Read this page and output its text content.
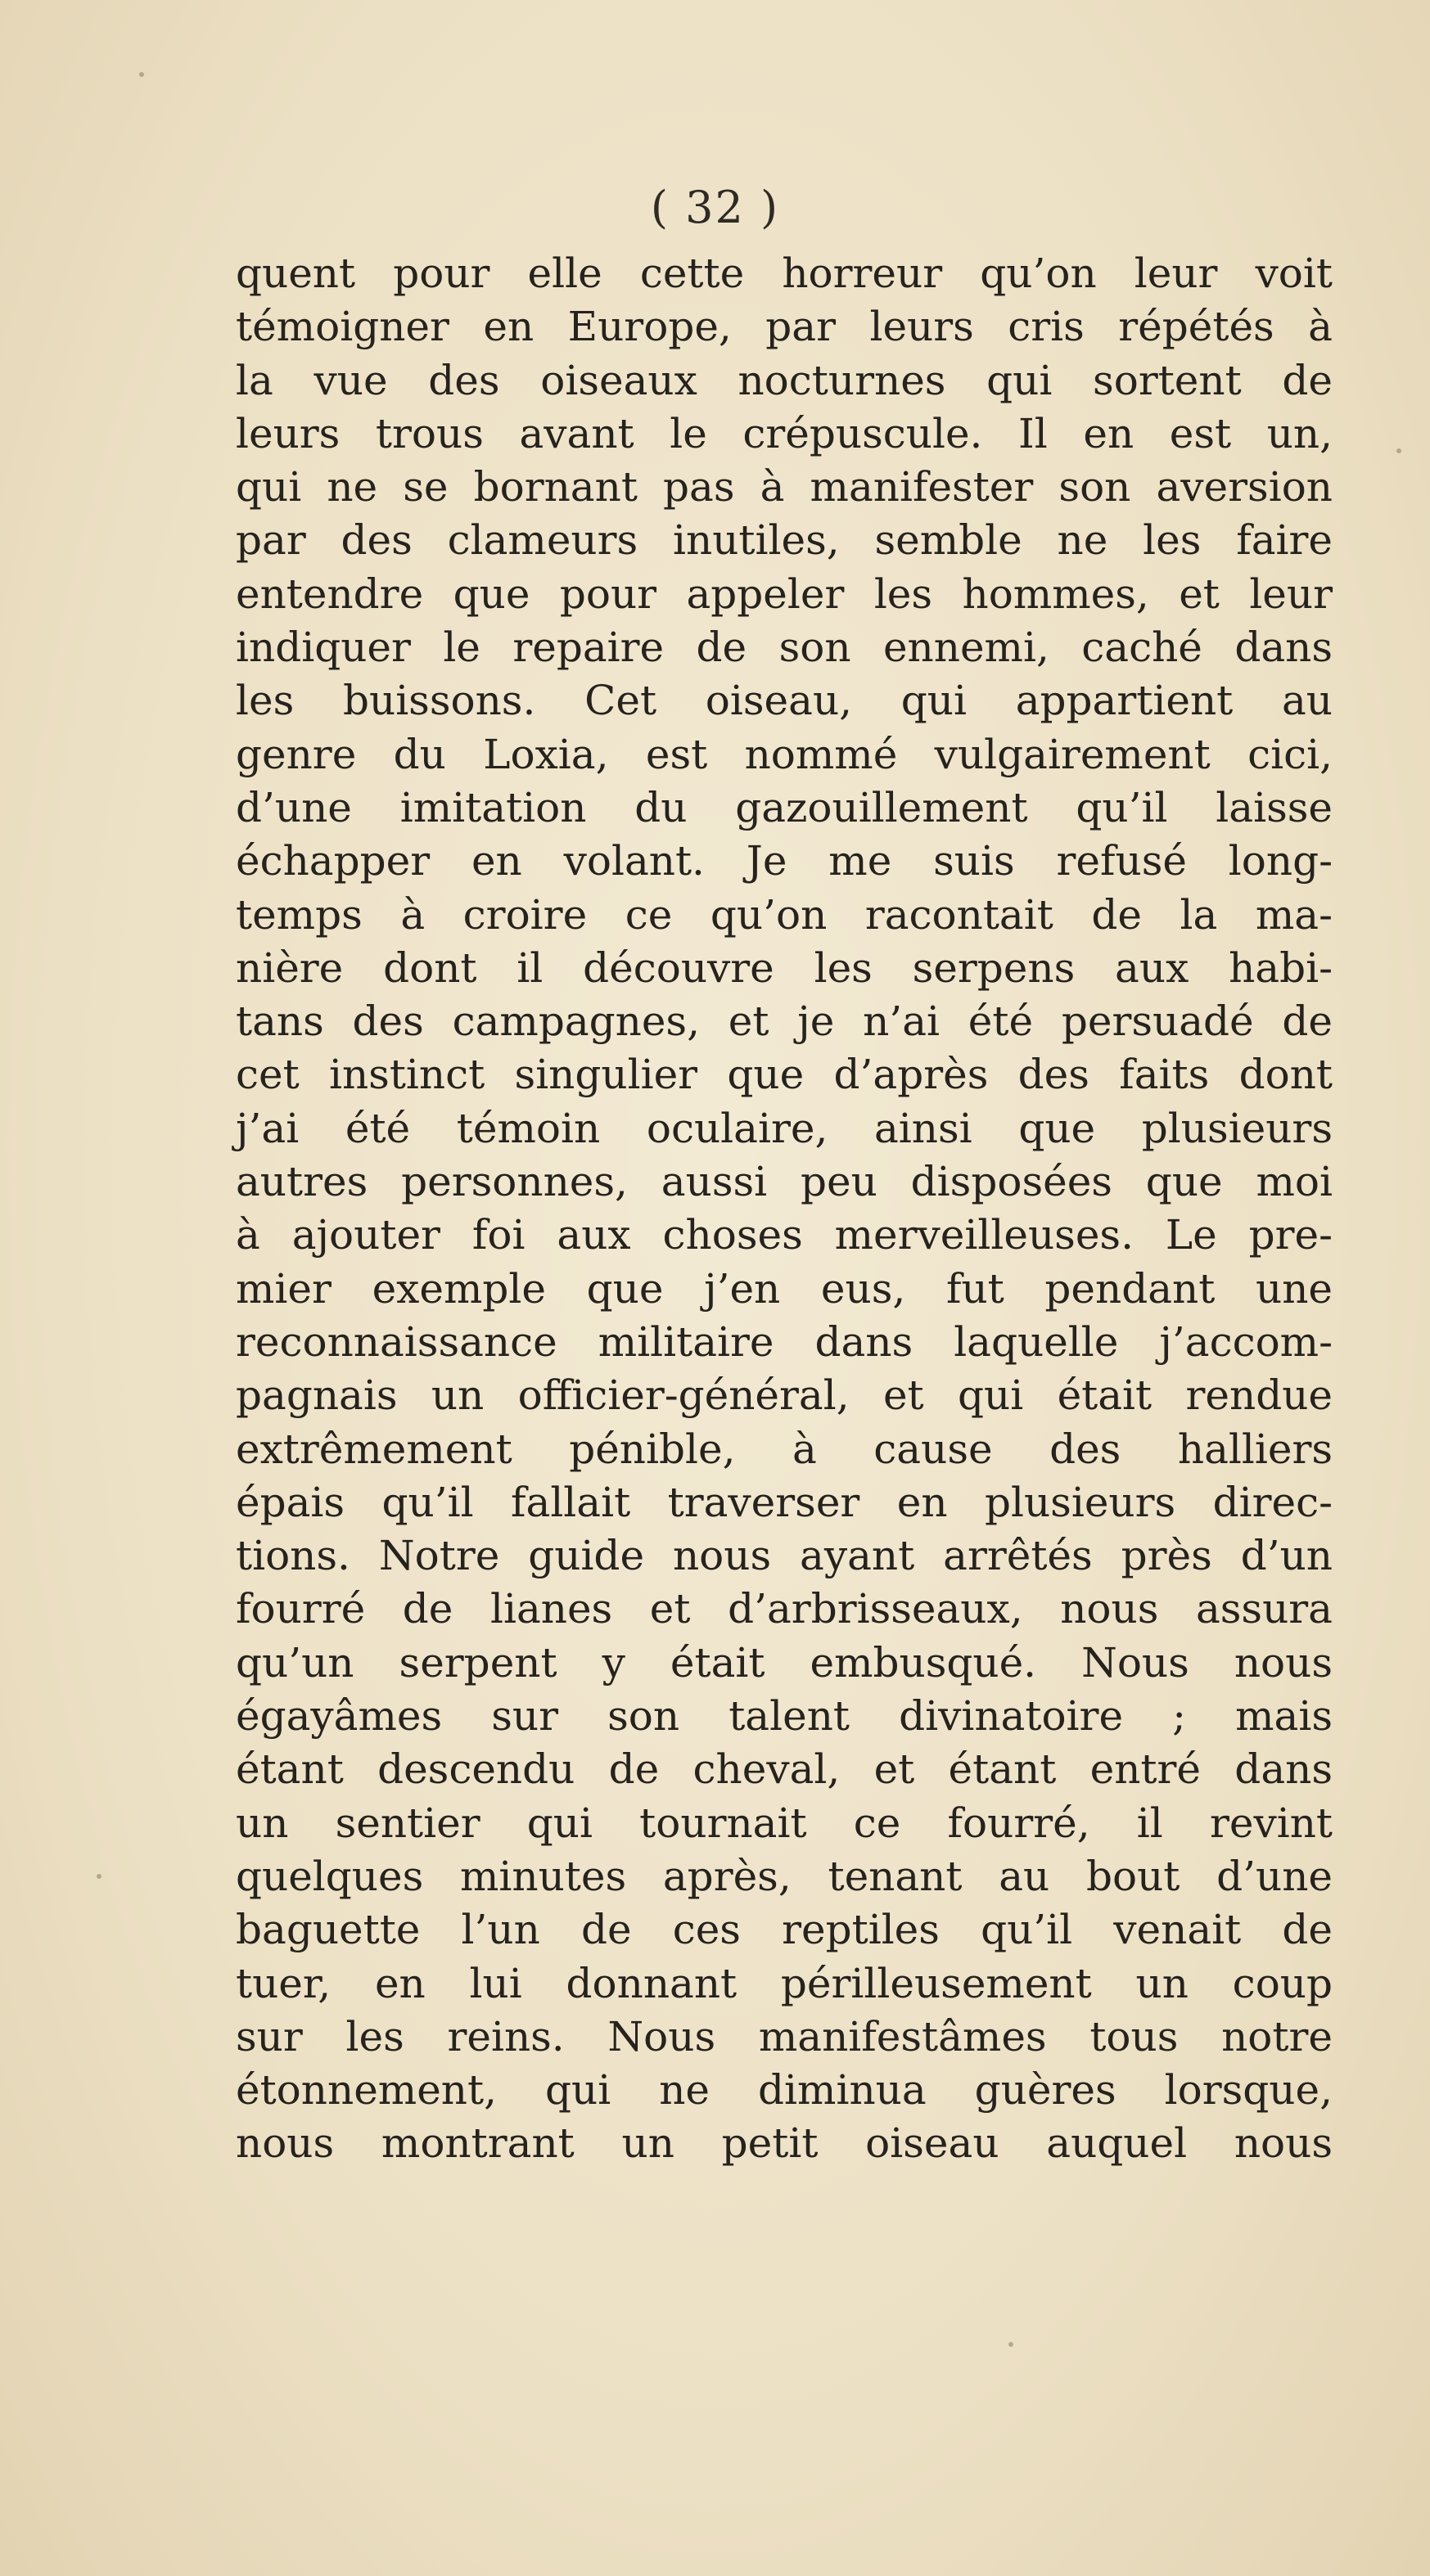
( 32 )
quent pour elle cette horreur qu’on leur voit
témoigner en Europe, par leurs cris répétés à
la vue des oiseaux nocturnes qui sortent de
leurs trous avant le crépuscule. Il en est un,
qui ne se bornant pas à manifester son aversion
par des clameurs inutiles, semble ne les faire
entendre que pour appeler les hommes, et leur
indiquer le repaire de son ennemi, caché dans
les buissons. Cet oiseau, qui appartient au
genre du Loxia, est nommé vulgairement cici,
d’une imitation du gazouillement qu’il laisse
échapper en volant. Je me suis refusé long-
temps à croire ce qu’on racontait de la ma-
nière dont il découvre les serpens aux habi-
tans des campagnes, et je n’ai été persuadé de
cet instinct singulier que d’après des faits dont
j’ai été témoin oculaire, ainsi que plusieurs
autres personnes, aussi peu disposées que moi
à ajouter foi aux choses merveilleuses. Le pre-
mier exemple que j’en eus, fut pendant une
reconnaissance militaire dans laquelle j’accom-
pagnais un officier-général, et qui était rendue
extrêmement pénible, à cause des halliers
épais qu’il fallait traverser en plusieurs direc-
tions. Notre guide nous ayant arrêtés près d’un
fourré de lianes et d’arbrisseaux, nous assura
qu’un serpent y était embusqué. Nous nous
égayâmes sur son talent divinatoire ; mais
étant descendu de cheval, et étant entré dans
un sentier qui tournait ce fourré, il revint
quelques minutes après, tenant au bout d’une
baguette l’un de ces reptiles qu’il venait de
tuer, en lui donnant périlleusement un coup
sur les reins. Nous manifestâmes tous notre
étonnement, qui ne diminua guères lorsque,
nous montrant un petit oiseau auquel nous
